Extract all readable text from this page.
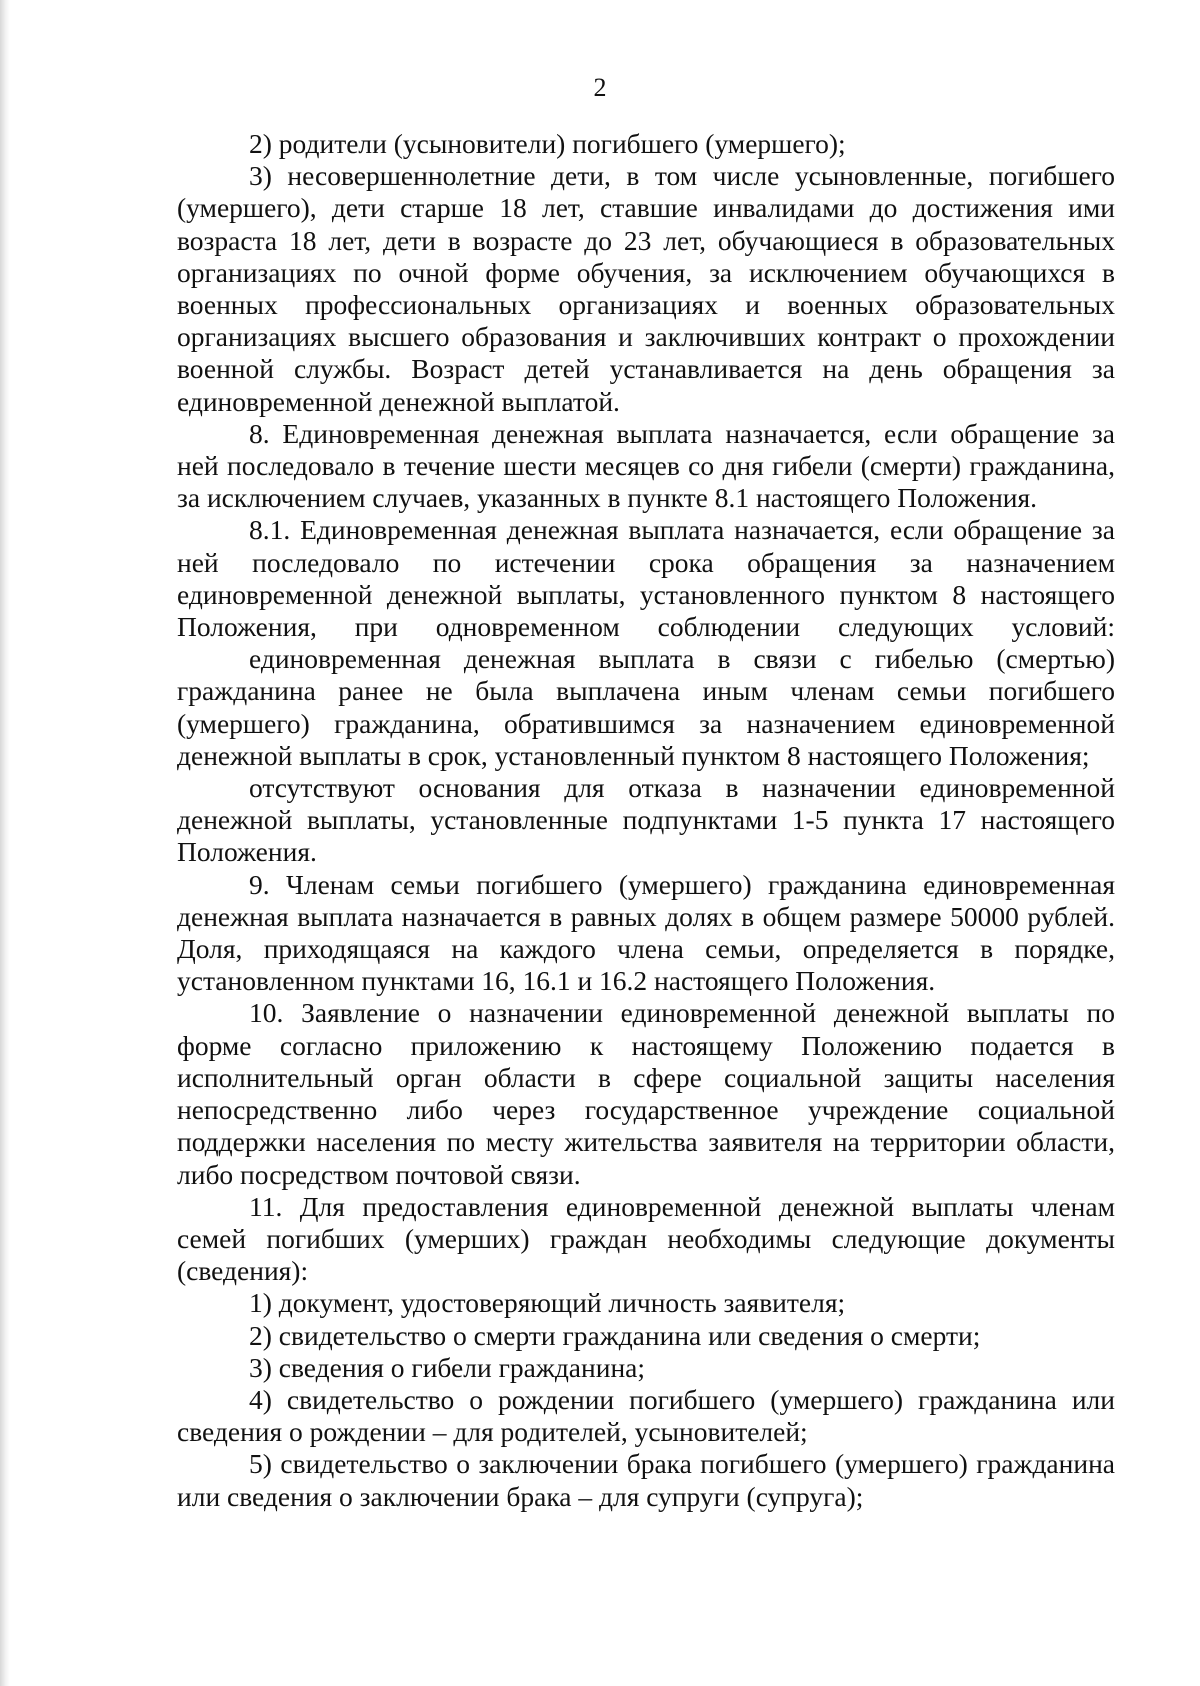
2

2) родители (усыновители) погибшего (умершего);

3) несовершеннолетние дети, в том числе усыновленные, погибшего (умершего), дети старше 18 лет, ставшие инвалидами до достижения ими возраста 18 лет, дети в возрасте до 23 лет, обучающиеся в образовательных организациях по очной форме обучения, за исключением обучающихся в военных профессиональных организациях и военных образовательных организациях высшего образования и заключивших контракт о прохождении военной службы. Возраст детей устанавливается на день обращения за единовременной денежной выплатой.

8. Единовременная денежная выплата назначается, если обращение за ней последовало в течение шести месяцев со дня гибели (смерти) гражданина, за исключением случаев, указанных в пункте 8.1 настоящего Положения.

8.1. Единовременная денежная выплата назначается, если обращение за ней последовало по истечении срока обращения за назначением единовременной денежной выплаты, установленного пунктом 8 настоящего Положения, при одновременном соблюдении следующих условий:

единовременная денежная выплата в связи с гибелью (смертью) гражданина ранее не была выплачена иным членам семьи погибшего (умершего) гражданина, обратившимся за назначением единовременной денежной выплаты в срок, установленный пунктом 8 настоящего Положения;

отсутствуют основания для отказа в назначении единовременной денежной выплаты, установленные подпунктами 1-5 пункта 17 настоящего Положения.

9. Членам семьи погибшего (умершего) гражданина единовременная денежная выплата назначается в равных долях в общем размере 50000 рублей. Доля, приходящаяся на каждого члена семьи, определяется в порядке, установленном пунктами 16, 16.1 и 16.2 настоящего Положения.

10. Заявление о назначении единовременной денежной выплаты по форме согласно приложению к настоящему Положению подается в исполнительный орган области в сфере социальной защиты населения непосредственно либо через государственное учреждение социальной поддержки населения по месту жительства заявителя на территории области, либо посредством почтовой связи.

11. Для предоставления единовременной денежной выплаты членам семей погибших (умерших) граждан необходимы следующие документы (сведения):

1) документ, удостоверяющий личность заявителя;

2) свидетельство о смерти гражданина или сведения о смерти;

3) сведения о гибели гражданина;

4) свидетельство о рождении погибшего (умершего) гражданина или сведения о рождении – для родителей, усыновителей;

5) свидетельство о заключении брака погибшего (умершего) гражданина или сведения о заключении брака – для супруги (супруга);
